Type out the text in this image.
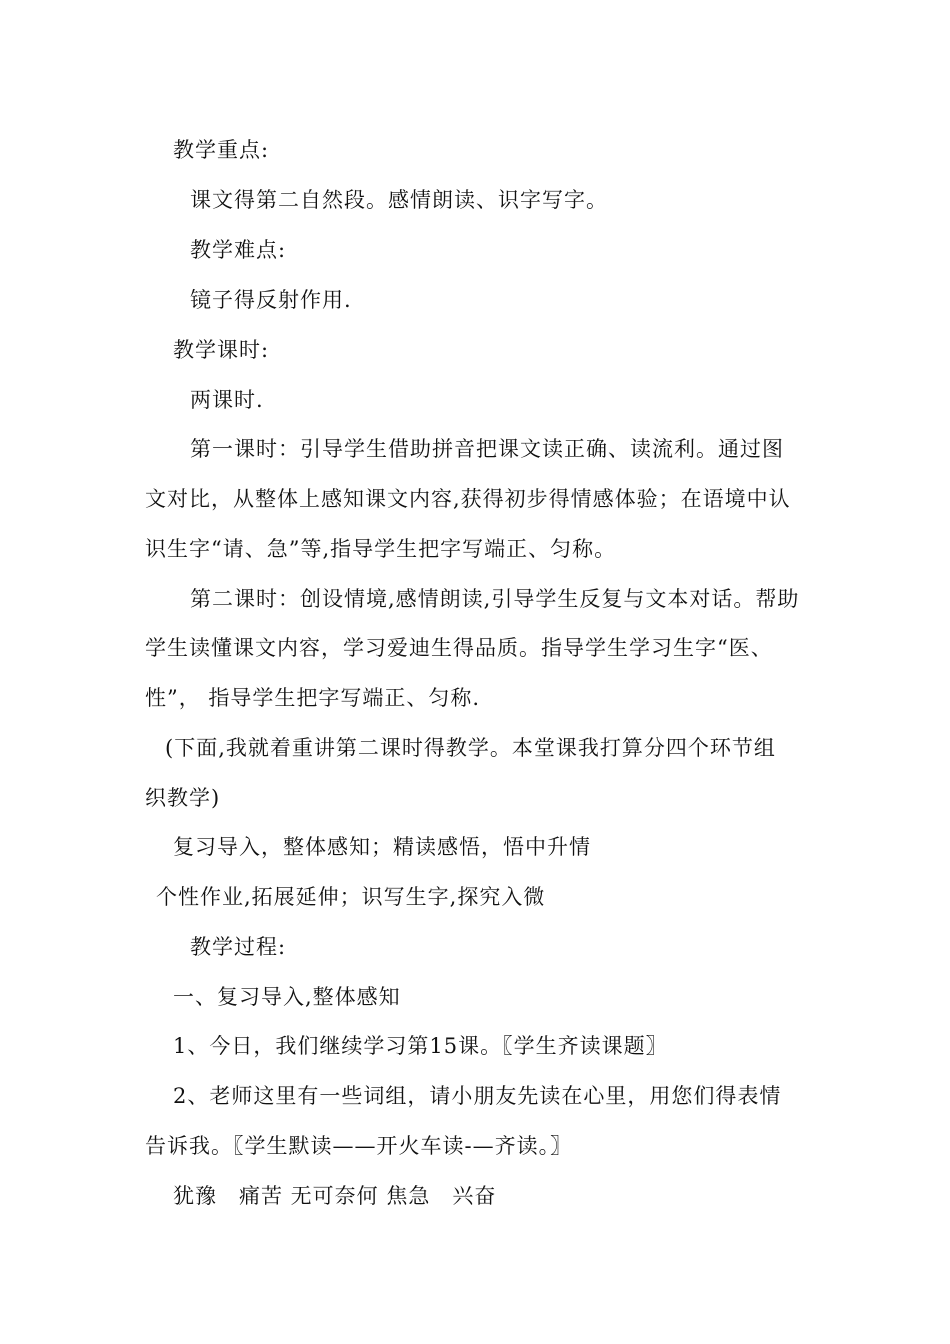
教学重点:
课文得第二自然段。感情朗读、识字写字。
教学难点:
镜子得反射作用.
教学课时:
两课时.
第一课时：引导学生借助拼音把课文读正确、读流利。通过图
文对比，从整体上感知课文内容,获得初步得情感体验；在语境中认
识生字“请、急”等,指导学生把字写端正、匀称。
第二课时：创设情境,感情朗读,引导学生反复与文本对话。帮助
学生读懂课文内容，学习爱迪生得品质。指导学生学习生字“医、
性”， 指导学生把字写端正、匀称.
(下面,我就着重讲第二课时得教学。本堂课我打算分四个环节组
织教学)
复习导入，整体感知；精读感悟，悟中升情
个性作业,拓展延伸；识写生字,探究入微
教学过程:
一、复习导入,整体感知
1、今日，我们继续学习第15课。〖学生齐读课题〗
2、老师这里有一些词组，请小朋友先读在心里，用您们得表情
告诉我。〖学生默读——开火车读-—齐读。〗
犹豫　痛苦 无可奈何 焦急　兴奋
